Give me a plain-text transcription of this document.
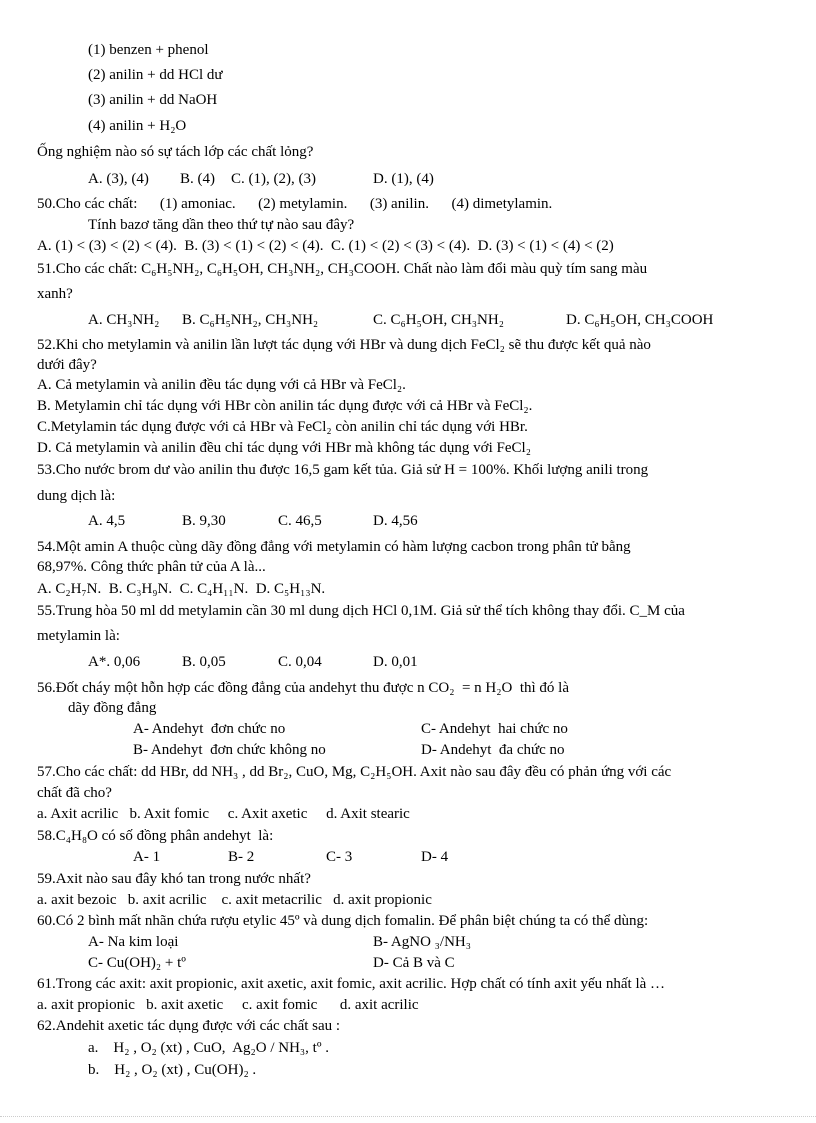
(1) benzen + phenol
(2) anilin + dd HCl dư
(3) anilin + dd NaOH
(4) anilin + H₂O
Ống nghiệm nào só sự tách lớp các chất lỏng?
A. (3), (4) B. (4) C. (1), (2), (3)	D. (1), (4)
50.Cho các chất:      (1) amoniac.      (2) metylamin.      (3) anilin.      (4) dimetylamin.
Tính bazơ tăng dần theo thứ tự nào sau đây?
A. (1) < (3) < (2) < (4).  B. (3) < (1) < (2) < (4).  C. (1) < (2) < (3) < (4).  D. (3) < (1) < (4) < (2)
51.Cho các chất: C₆H₅NH₂, C₆H₅OH, CH₃NH₂, CH₃COOH. Chất nào làm đổi màu quỳ tím sang màu
xanh?
A. CH₃NH₂ B. C₆H₅NH₂, CH₃NH₂	C. C₆H₅OH, CH₃NH₂	D. C₆H₅OH, CH₃COOH
52.Khi cho metylamin và anilin lần lượt tác dụng với HBr và dung dịch FeCl₂ sẽ thu được kết quả nào
dưới đây?
A. Cả metylamin và anilin đều tác dụng với cả HBr và FeCl₂.
B. Metylamin chỉ tác dụng với HBr còn anilin tác dụng được với cả HBr và FeCl₂.
C.Metylamin tác dụng được với cả HBr và FeCl₂ còn anilin chỉ tác dụng với HBr.
D. Cả metylamin và anilin đều chỉ tác dụng với HBr mà không tác dụng với FeCl₂
53.Cho nước brom dư vào anilin thu được 16,5 gam kết tủa. Giả sử H = 100%. Khối lượng anili trong
dung dịch là:
A. 4,5	B. 9,30	C. 46,5	D. 4,56
54.Một amin A thuộc cùng dãy đồng đẳng với metylamin có hàm lượng cacbon trong phân tử bằng
68,97%. Công thức phân tử của A là...
A. C₂H₇N.  B. C₃H₉N.  C. C₄H₁₁N.  D. C₅H₁₃N.
55.Trung hòa 50 ml dd metylamin cần 30 ml dung dịch HCl 0,1M. Giả sử thể tích không thay đổi. C_M của
metylamin là:
A*. 0,06	B. 0,05	C. 0,04	D. 0,01
56.Đốt cháy một hỗn hợp các đồng đẳng của andehyt thu được n CO₂  = n H₂O  thì đó là
dãy đồng đẳng
A- Andehyt  đơn chức no	C- Andehyt  hai chức no
B- Andehyt  đơn chức không no	D- Andehyt  đa chức no
57.Cho các chất: dd HBr, dd NH₃ , dd Br₂, CuO, Mg, C₂H₅OH. Axit nào sau đây đều có phản ứng với các
chất đã cho?
a. Axit acrilic   b. Axit fomic     c. Axit axetic     d. Axit stearic
58.C₄H₈O có số đồng phân andehyt  là:
A- 1	B- 2	C- 3	D- 4
59.Axit nào sau đây khó tan trong nước nhất?
a. axit bezoic   b. axit acrilic    c. axit metacrilic   d. axit propionic
60.Có 2 bình mất nhãn chứa rượu etylic 45º và dung dịch fomalin. Để phân biệt chúng ta có thể dùng:
A- Na kim loại	B- AgNO ₃/NH₃
C- Cu(OH)₂ + tº	D- Cả B và C
61.Trong các axit: axit propionic, axit axetic, axit fomic, axit acrilic. Hợp chất có tính axit yếu nhất là …
a. axit propionic   b. axit axetic     c. axit fomic      d. axit acrilic
62.Andehit axetic tác dụng được với các chất sau :
a.    H₂ , O₂ (xt) , CuO,  Ag₂O / NH₃, tº .
b.    H₂ , O₂ (xt) , Cu(OH)₂ .
